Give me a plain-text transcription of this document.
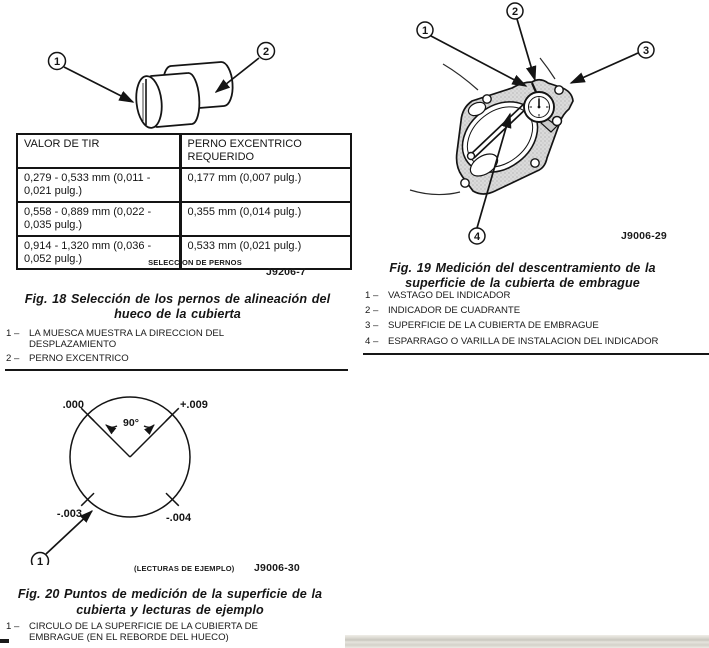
1
2
VALOR DE TIR	PERNO EXCENTRICO REQUERIDO
0,279 - 0,533 mm (0,011 - 0,021 pulg.)	0,177 mm (0,007 pulg.)
0,558 - 0,889 mm (0,022 - 0,035 pulg.)	0,355 mm (0,014 pulg.)
0,914 - 1,320 mm (0,036 - 0,052 pulg.)	0,533 mm (0,021 pulg.)
SELECCION DE PERNOS
J9206-7
Fig. 18 Selección de los pernos de alineación del
hueco de la cubierta
1 –	LA MUESCA MUESTRA LA DIRECCION DEL DESPLAZAMIENTO
2 –	PERNO EXCENTRICO
90°
.000	+.009
-.003	-.004
1
(LECTURAS DE EJEMPLO) J9006-30
Fig. 20 Puntos de medición de la superficie de la
cubierta y lecturas de ejemplo
1 –	CIRCULO DE LA SUPERFICIE DE LA CUBIERTA DE EMBRAGUE (EN EL REBORDE DEL HUECO)
1
2
3
4	J9006-29
Fig. 19 Medición del descentramiento de la
superficie de la cubierta de embrague
1 –	VASTAGO DEL INDICADOR
2 –	INDICADOR DE CUADRANTE
3 –	SUPERFICIE DE LA CUBIERTA DE EMBRAGUE
4 –	ESPARRAGO O VARILLA DE INSTALACION DEL INDICADOR
